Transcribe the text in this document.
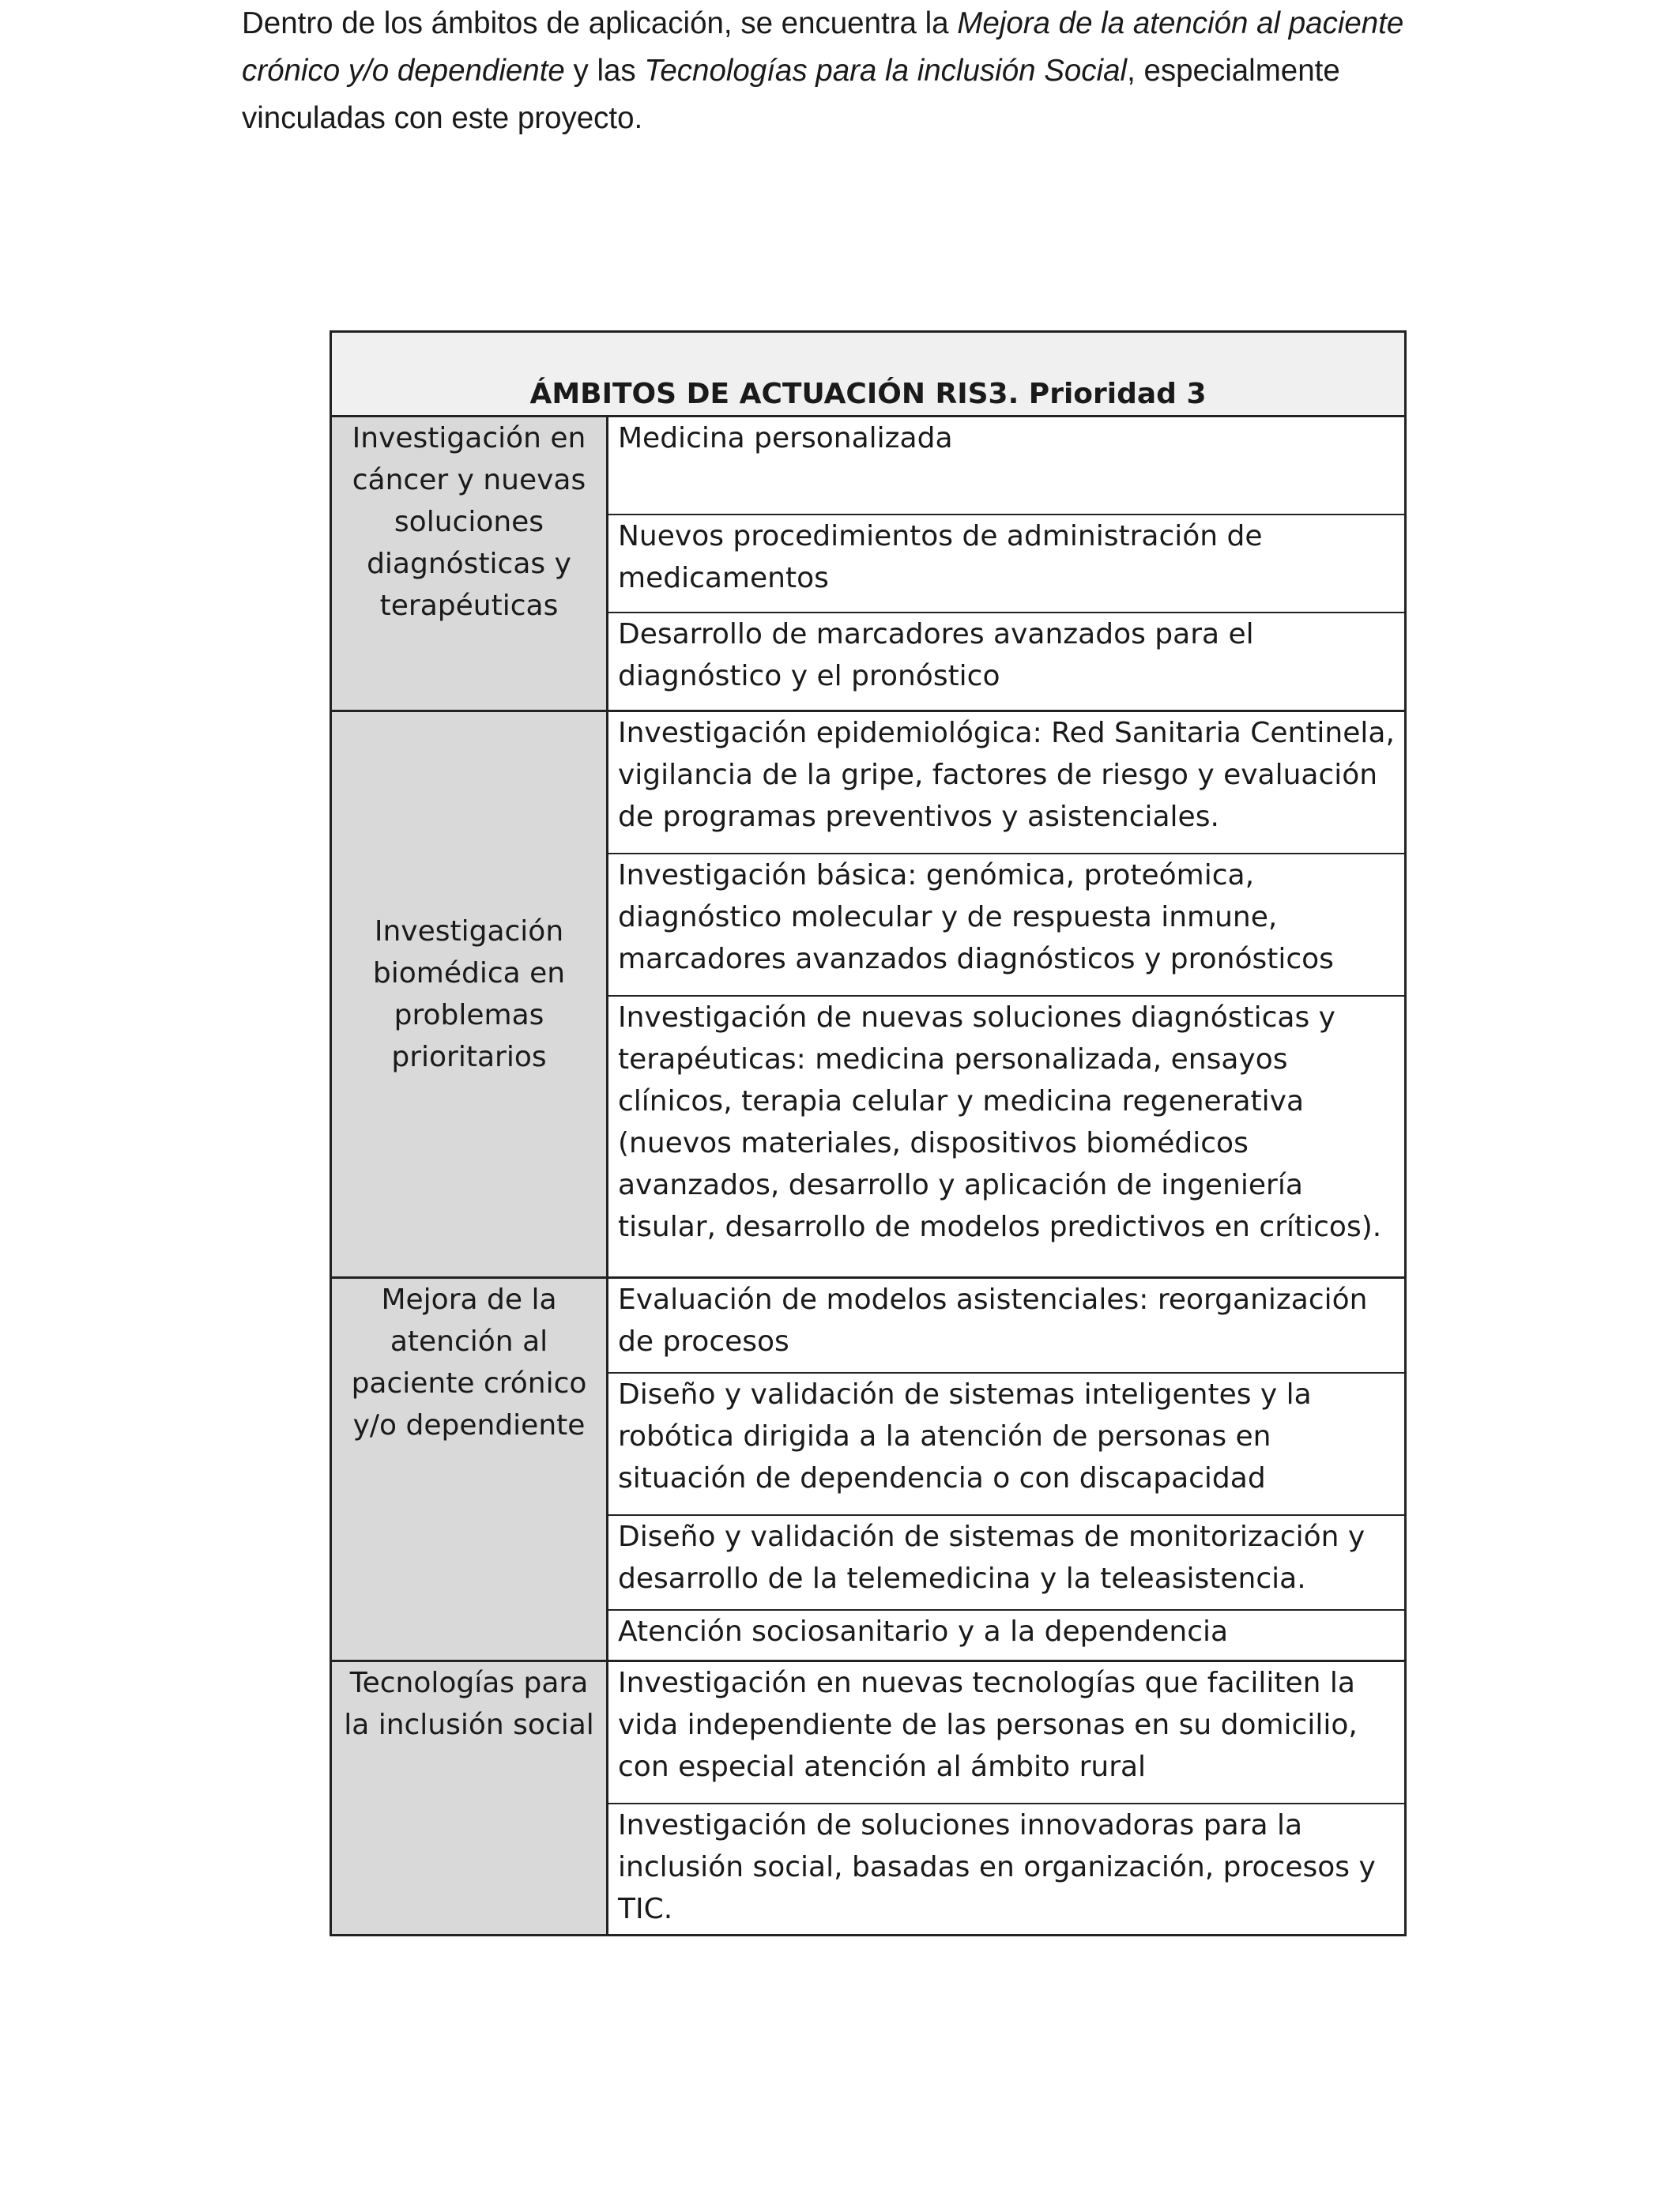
Dentro de los ámbitos de aplicación, se encuentra la Mejora de la atención al paciente crónico y/o dependiente y las Tecnologías para la inclusión Social, especialmente vinculadas con este proyecto.

ÁMBITOS DE ACTUACIÓN RIS3. Prioridad 3	
Investigación en cáncer y nuevas soluciones diagnósticas y terapéuticas	Medicina personalizada
	Nuevos procedimientos de administración de medicamentos
	Desarrollo de marcadores avanzados para el diagnóstico y el pronóstico
Investigación biomédica en problemas prioritarios	Investigación epidemiológica: Red Sanitaria Centinela, vigilancia de la gripe, factores de riesgo y evaluación de programas preventivos y asistenciales.
	Investigación básica: genómica, proteómica, diagnóstico molecular y de respuesta inmune, marcadores avanzados diagnósticos y pronósticos
	Investigación de nuevas soluciones diagnósticas y terapéuticas: medicina personalizada, ensayos clínicos, terapia celular y medicina regenerativa (nuevos materiales, dispositivos biomédicos avanzados, desarrollo y aplicación de ingeniería tisular, desarrollo de modelos predictivos en críticos).
Mejora de la atención al paciente crónico y/o dependiente	Evaluación de modelos asistenciales: reorganización de procesos
	Diseño y validación de sistemas inteligentes y la robótica dirigida a la atención de personas en situación de dependencia o con discapacidad
	Diseño y validación de sistemas de monitorización y desarrollo de la telemedicina y la teleasistencia.
	Atención sociosanitario y a la dependencia
Tecnologías para la inclusión social	Investigación en nuevas tecnologías que faciliten la vida independiente de las personas en su domicilio, con especial atención al ámbito rural
	Investigación de soluciones innovadoras para la inclusión social, basadas en organización, procesos y TIC.
